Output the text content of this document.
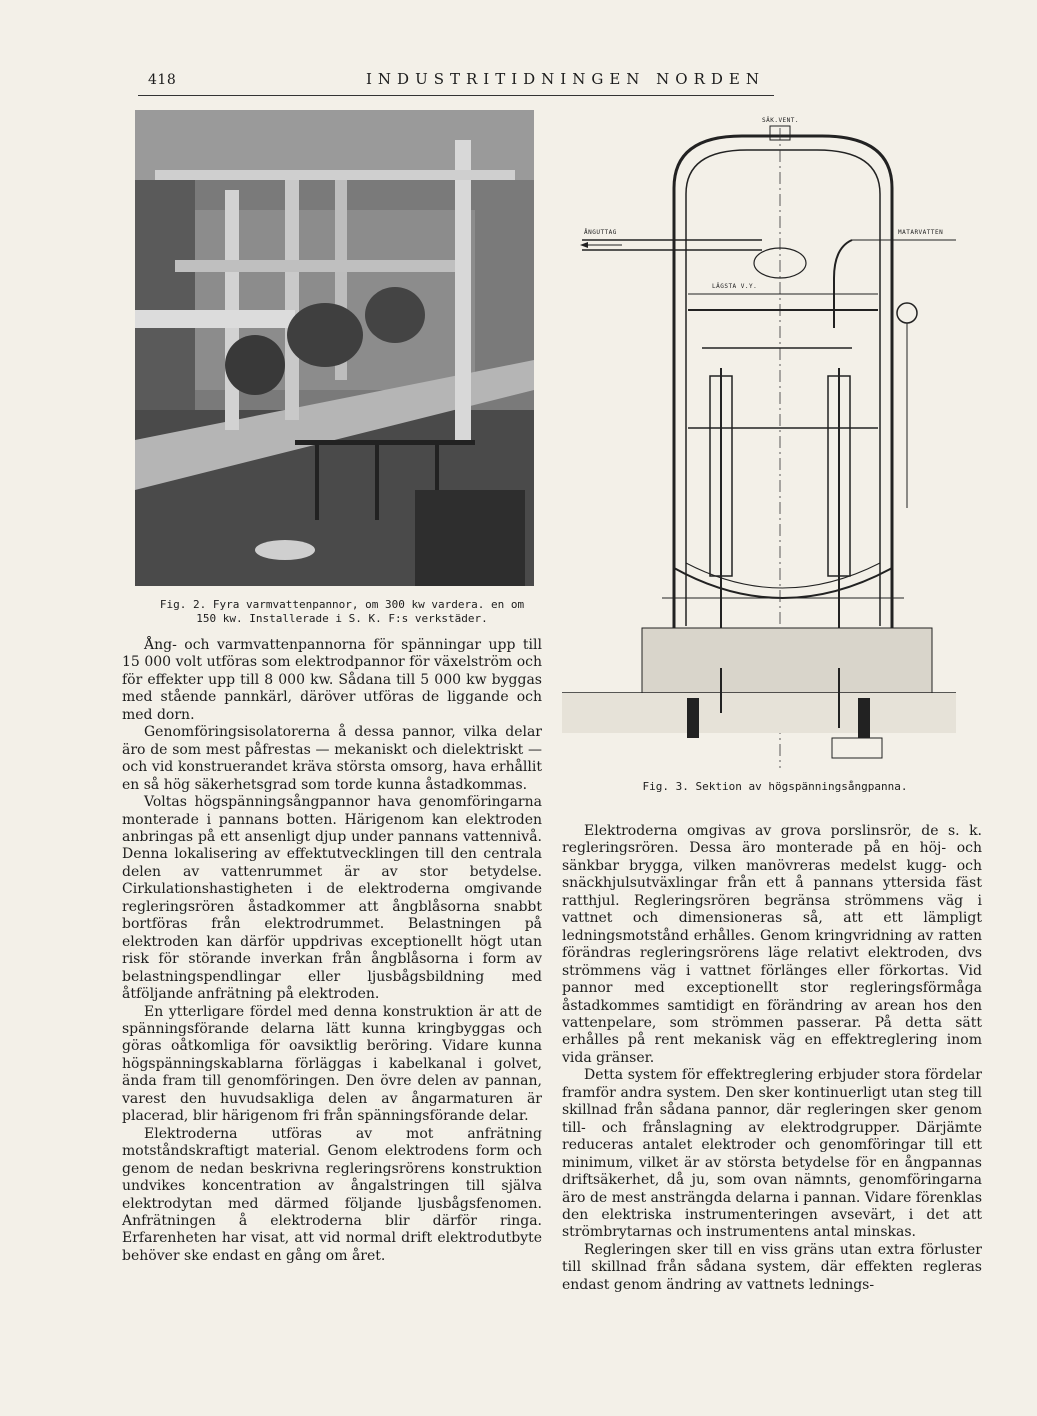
418	INDUSTRITIDNINGEN NORDEN
Fig. 2. Fyra varmvattenpannor, om 300 kw vardera. en om 150 kw. Installerade i S. K. F:s verkstäder.
SÄK.VENT.
ÅNGUTTAG	MATARVATTEN
LÄGSTA V.Y.
Fig. 3. Sektion av högspänningsångpanna.

Ång- och varmvattenpannorna för spänningar upp till 15 000 volt utföras som elektrodpannor för växelström och för effekter upp till 8 000 kw. Sådana till 5 000 kw byggas med stående pannkärl, däröver utföras de liggande och med dorn.

Genomföringsisolatorerna å dessa pannor, vilka delar äro de som mest påfrestas — mekaniskt och dielektriskt — och vid konstruerandet kräva största omsorg, hava erhållit en så hög säkerhetsgrad som torde kunna åstadkommas.

Voltas högspänningsångpannor hava genomföringarna monterade i pannans botten. Härigenom kan elektroden anbringas på ett ansenligt djup under pannans vattennivå. Denna lokalisering av effektutvecklingen till den centrala delen av vattenrummet är av stor betydelse. Cirkulationshastigheten i de elektroderna omgivande regleringsrören åstadkommer att ångblåsorna snabbt bortföras från elektrodrummet. Belastningen på elektroden kan därför uppdrivas exceptionellt högt utan risk för störande inverkan från ångblåsorna i form av belastningspendlingar eller ljusbågsbildning med åtföljande anfrätning på elektroden.

En ytterligare fördel med denna konstruktion är att de spänningsförande delarna lätt kunna kringbyggas och göras oåtkomliga för oavsiktlig beröring. Vidare kunna högspänningskablarna förläggas i kabelkanal i golvet, ända fram till genomföringen. Den övre delen av pannan, varest den huvudsakliga delen av ångarmaturen är placerad, blir härigenom fri från spänningsförande delar.

Elektroderna utföras av mot anfrätning motståndskraftigt material. Genom elektrodens form och genom de nedan beskrivna regleringsrörens konstruktion undvikes koncentration av ångalstringen till själva elektrodytan med därmed följande ljusbågsfenomen. Anfrätningen å elektroderna blir därför ringa. Erfarenheten har visat, att vid normal drift elektrodutbyte behöver ske endast en gång om året.

Elektroderna omgivas av grova porslinsrör, de s. k. regleringsrören. Dessa äro monterade på en höj- och sänkbar brygga, vilken manövreras medelst kugg- och snäckhjulsutväxlingar från ett å pannans yttersida fäst ratthjul. Regleringsrören begränsa strömmens väg i vattnet och dimensioneras så, att ett lämpligt ledningsmotstånd erhålles. Genom kringvridning av ratten förändras regleringsrörens läge relativt elektroden, dvs strömmens väg i vattnet förlänges eller förkortas. Vid pannor med exceptionellt stor regleringsförmåga åstadkommes samtidigt en förändring av arean hos den vattenpelare, som strömmen passerar. På detta sätt erhålles på rent mekanisk väg en effektreglering inom vida gränser.

Detta system för effektreglering erbjuder stora fördelar framför andra system. Den sker kontinuerligt utan steg till skillnad från sådana pannor, där regleringen sker genom till- och frånslagning av elektrodgrupper. Därjämte reduceras antalet elektroder och genomföringar till ett minimum, vilket är av största betydelse för en ångpannas driftsäkerhet, då ju, som ovan nämnts, genomföringarna äro de mest ansträngda delarna i pannan. Vidare förenklas den elektriska instrumenteringen avsevärt, i det att strömbrytarnas och instrumentens antal minskas.

Regleringen sker till en viss gräns utan extra förluster till skillnad från sådana system, där effekten regleras endast genom ändring av vattnets lednings-
